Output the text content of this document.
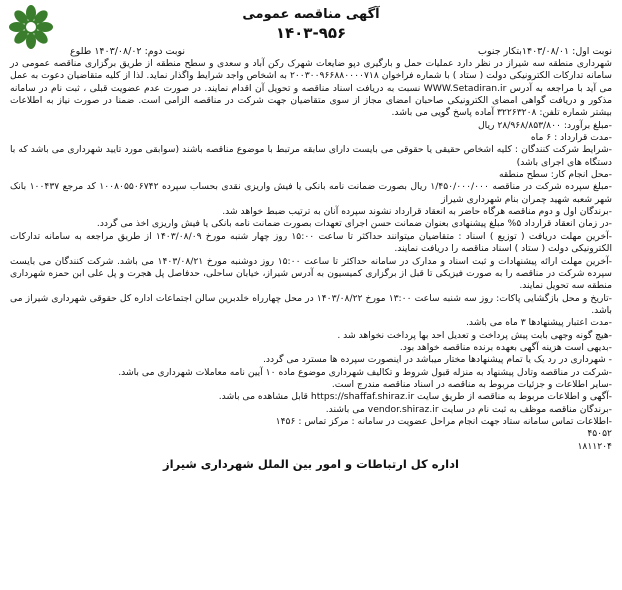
آگهی مناقصه عمومی
۱۴۰۳-۹۵۶
نوبت اول: ۱۴۰۳/۰۸/۰۱بتکار جنوب
نوبت دوم: ۱۴۰۳/۰۸/۰۲ طلوع

شهرداری منطقه سه شیراز در نظر دارد عملیات حمل و بارگیری دپو ضایعات شهرک رکن آباد و سعدی و سطح منطقه از طریق برگزاری مناقصه عمومی در سامانه تدارکات الکترونیکی دولت ( ستاد ) با شماره فراخوان ۲۰۰۳۰۰۹۶۶۸۸۰۰۰۰۷۱۸ به اشخاص واجد شرایط واگذار نماید. لذا از کلیه متقاضیان دعوت به عمل می آید با مراجعه به آدرس WWW.Setadiran.ir نسبت به دریافت اسناد مناقصه و تحویل آن اقدام نمایند. در صورت عدم عضویت قبلی ، ثبت نام در سامانه مذکور و دریافت گواهی امضای الکترونیکی صاحبان امضای مجاز از سوی متقاضیان جهت شرکت در مناقصه الزامی است. ضمنا در صورت نیاز به اطلاعات بیشتر شماره تلفن: ۳۲۲۶۳۲۰۸ آماده پاسخ گویی می باشد.

-مبلغ برآورد: ۲۸/۹۶۸/۸۵۳/۸۰۰ ریال

-مدت قرارداد : ۶ ماه

-شرایط شرکت کنندگان : کلیه اشخاص حقیقی یا حقوقی می بایست دارای سابقه مرتبط با موضوع مناقصه باشند (سوابقی مورد تایید شهرداری می باشد که با دستگاه های اجرای باشد)

-محل انجام کار: سطح منطقه

-مبلغ سپرده شرکت در مناقصه ۱/۴۵۰/۰۰۰/۰۰۰ ریال بصورت ضمانت نامه بانکی یا فیش واریزی نقدی بحساب سپرده ۱۰۰۸۰۵۵۰۶۷۴۲ کد مرجع ۱۰۰۴۳۷ بانک شهر شعبه شهید چمران بنام شهرداری شیراز

-برندگان اول و دوم مناقصه هرگاه حاضر به انعقاد قرارداد نشوند سپرده آنان به ترتیب ضبط خواهد شد.

-در زمان انعقاد قرارداد ۵% مبلغ پیشنهادی بعنوان ضمانت حسن اجرای تعهدات بصورت ضمانت نامه بانکی یا فیش واریزی اخذ می گردد.

-آخرین مهلت دریافت ( توزیع ) اسناد : متقاضیان میتوانند حداکثر تا ساعت ۱۵:۰۰ روز چهار شنبه مورخ ۱۴۰۳/۰۸/۰۹ از طریق مراجعه به سامانه تدارکات الکترونیکی دولت ( ستاد ) اسناد مناقصه را دریافت نمایند.

-آخرین مهلت ارائه پیشنهادات و ثبت اسناد و مدارک در سامانه حداکثر تا ساعت ۱۵:۰۰ روز دوشنبه مورخ ۱۴۰۳/۰۸/۲۱ می باشد. شرکت کنندگان می بایست سپرده شرکت در مناقصه را به صورت فیزیکی تا قبل از برگزاری کمیسیون به آدرس شیراز، خیابان ساحلی، حدفاصل پل هجرت و پل علی ابن حمزه شهرداری منطقه سه تحویل نمایند.

-تاریخ و محل بازگشایی پاکات: روز سه شنبه ساعت ۱۳:۰۰ مورخ ۱۴۰۳/۰۸/۲۲ در محل چهارراه خلدبرین سالن اجتماعات اداره کل حقوقی شهرداری شیراز می باشد.

-مدت اعتبار پیشنهادها ۳ ماه می باشد.

-هیچ گونه وجهی بابت پیش پرداخت و تعدیل احد بها پرداخت نخواهد شد .

-بدیهی است هزینه آگهی بعهده برنده مناقصه خواهد بود.

- شهرداری در رد یک یا تمام پیشنهادها مختار میباشد در اینصورت سپرده ها مسترد می گردد.

-شرکت در مناقصه وتادل پیشنهاد به منزله قبول شروط و تکالیف شهرداری موضوع ماده ۱۰ آیین نامه معاملات شهرداری می باشد.

-سایر اطلاعات و جزئیات مربوط به مناقصه در اسناد مناقصه مندرج است.

-آگهی و اطلاعات مربوط به مناقصه از طریق سایت https://shaffaf.shiraz.ir قابل مشاهده می باشد.

-برندگان مناقصه موظف به ثبت نام در سایت vendor.shiraz.ir می باشند.

-اطلاعات تماس سامانه ستاد جهت انجام مراحل عضویت در سامانه : مرکز تماس : ۱۴۵۶

۴۵۰۵۲
۱۸۱۱۲۰۴
اداره کل ارتباطات و امور بین الملل شهرداری شیراز
